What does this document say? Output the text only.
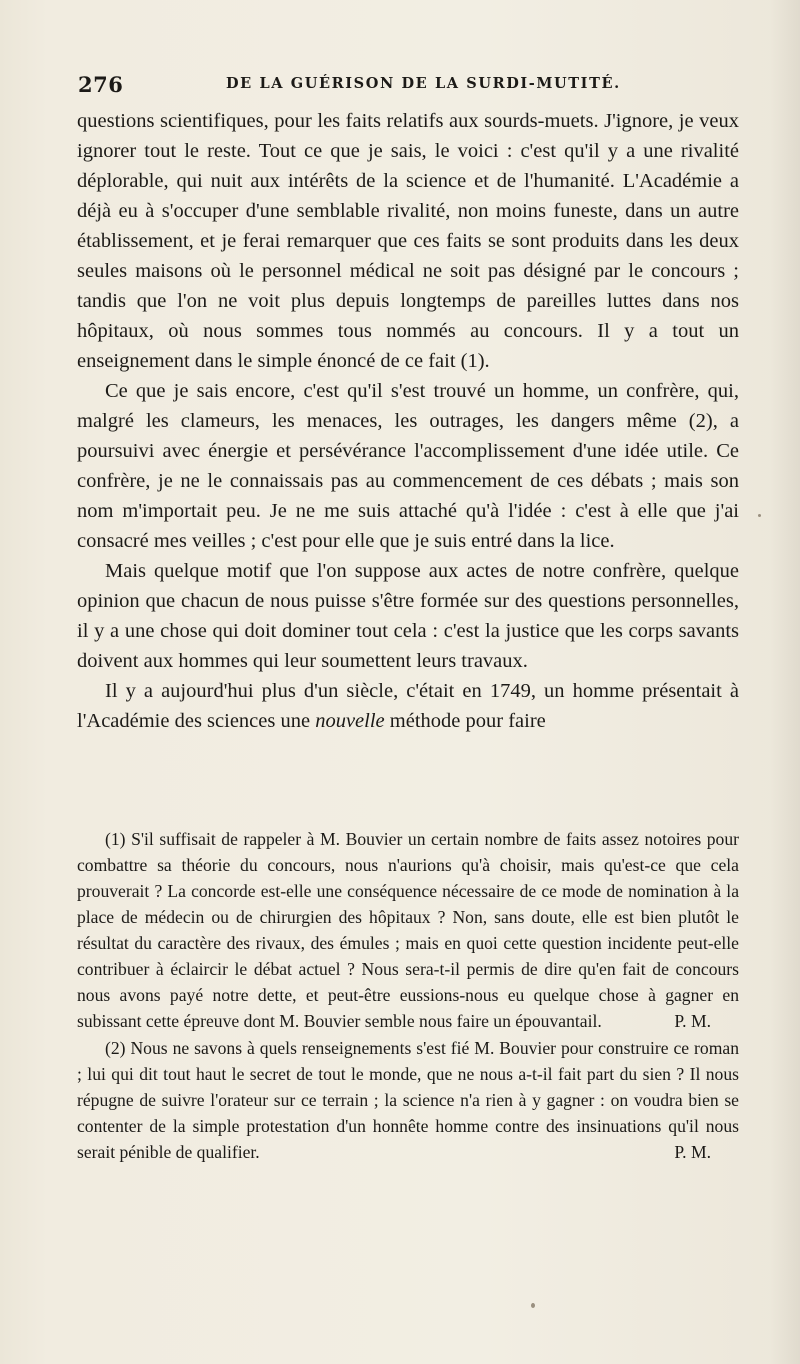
276	DE LA GUÉRISON DE LA SURDI-MUTITÉ.

questions scientifiques, pour les faits relatifs aux sourds-muets. J'ignore, je veux ignorer tout le reste. Tout ce que je sais, le voici : c'est qu'il y a une rivalité déplorable, qui nuit aux intérêts de la science et de l'humanité. L'Académie a déjà eu à s'occuper d'une semblable rivalité, non moins funeste, dans un autre établissement, et je ferai remarquer que ces faits se sont produits dans les deux seules maisons où le personnel médical ne soit pas désigné par le concours ; tandis que l'on ne voit plus depuis longtemps de pareilles luttes dans nos hôpitaux, où nous sommes tous nommés au concours. Il y a tout un enseignement dans le simple énoncé de ce fait (1).

Ce que je sais encore, c'est qu'il s'est trouvé un homme, un confrère, qui, malgré les clameurs, les menaces, les outrages, les dangers même (2), a poursuivi avec énergie et persévérance l'accomplissement d'une idée utile. Ce confrère, je ne le connaissais pas au commencement de ces débats ; mais son nom m'importait peu. Je ne me suis attaché qu'à l'idée : c'est à elle que j'ai consacré mes veilles ; c'est pour elle que je suis entré dans la lice.

Mais quelque motif que l'on suppose aux actes de notre confrère, quelque opinion que chacun de nous puisse s'être formée sur des questions personnelles, il y a une chose qui doit dominer tout cela : c'est la justice que les corps savants doivent aux hommes qui leur soumettent leurs travaux.

Il y a aujourd'hui plus d'un siècle, c'était en 1749, un homme présentait à l'Académie des sciences une nouvelle méthode pour faire

(1) S'il suffisait de rappeler à M. Bouvier un certain nombre de faits assez notoires pour combattre sa théorie du concours, nous n'aurions qu'à choisir, mais qu'est-ce que cela prouverait ? La concorde est-elle une conséquence nécessaire de ce mode de nomination à la place de médecin ou de chirurgien des hôpitaux ? Non, sans doute, elle est bien plutôt le résultat du caractère des rivaux, des émules ; mais en quoi cette question incidente peut-elle contribuer à éclaircir le débat actuel ? Nous sera-t-il permis de dire qu'en fait de concours nous avons payé notre dette, et peut-être eussions-nous eu quelque chose à gagner en subissant cette épreuve dont M. Bouvier semble nous faire un épouvantail.	P. M.

(2) Nous ne savons à quels renseignements s'est fié M. Bouvier pour construire ce roman ; lui qui dit tout haut le secret de tout le monde, que ne nous a-t-il fait part du sien ? Il nous répugne de suivre l'orateur sur ce terrain ; la science n'a rien à y gagner : on voudra bien se contenter de la simple protestation d'un honnête homme contre des insinuations qu'il nous serait pénible de qualifier.	P. M.
